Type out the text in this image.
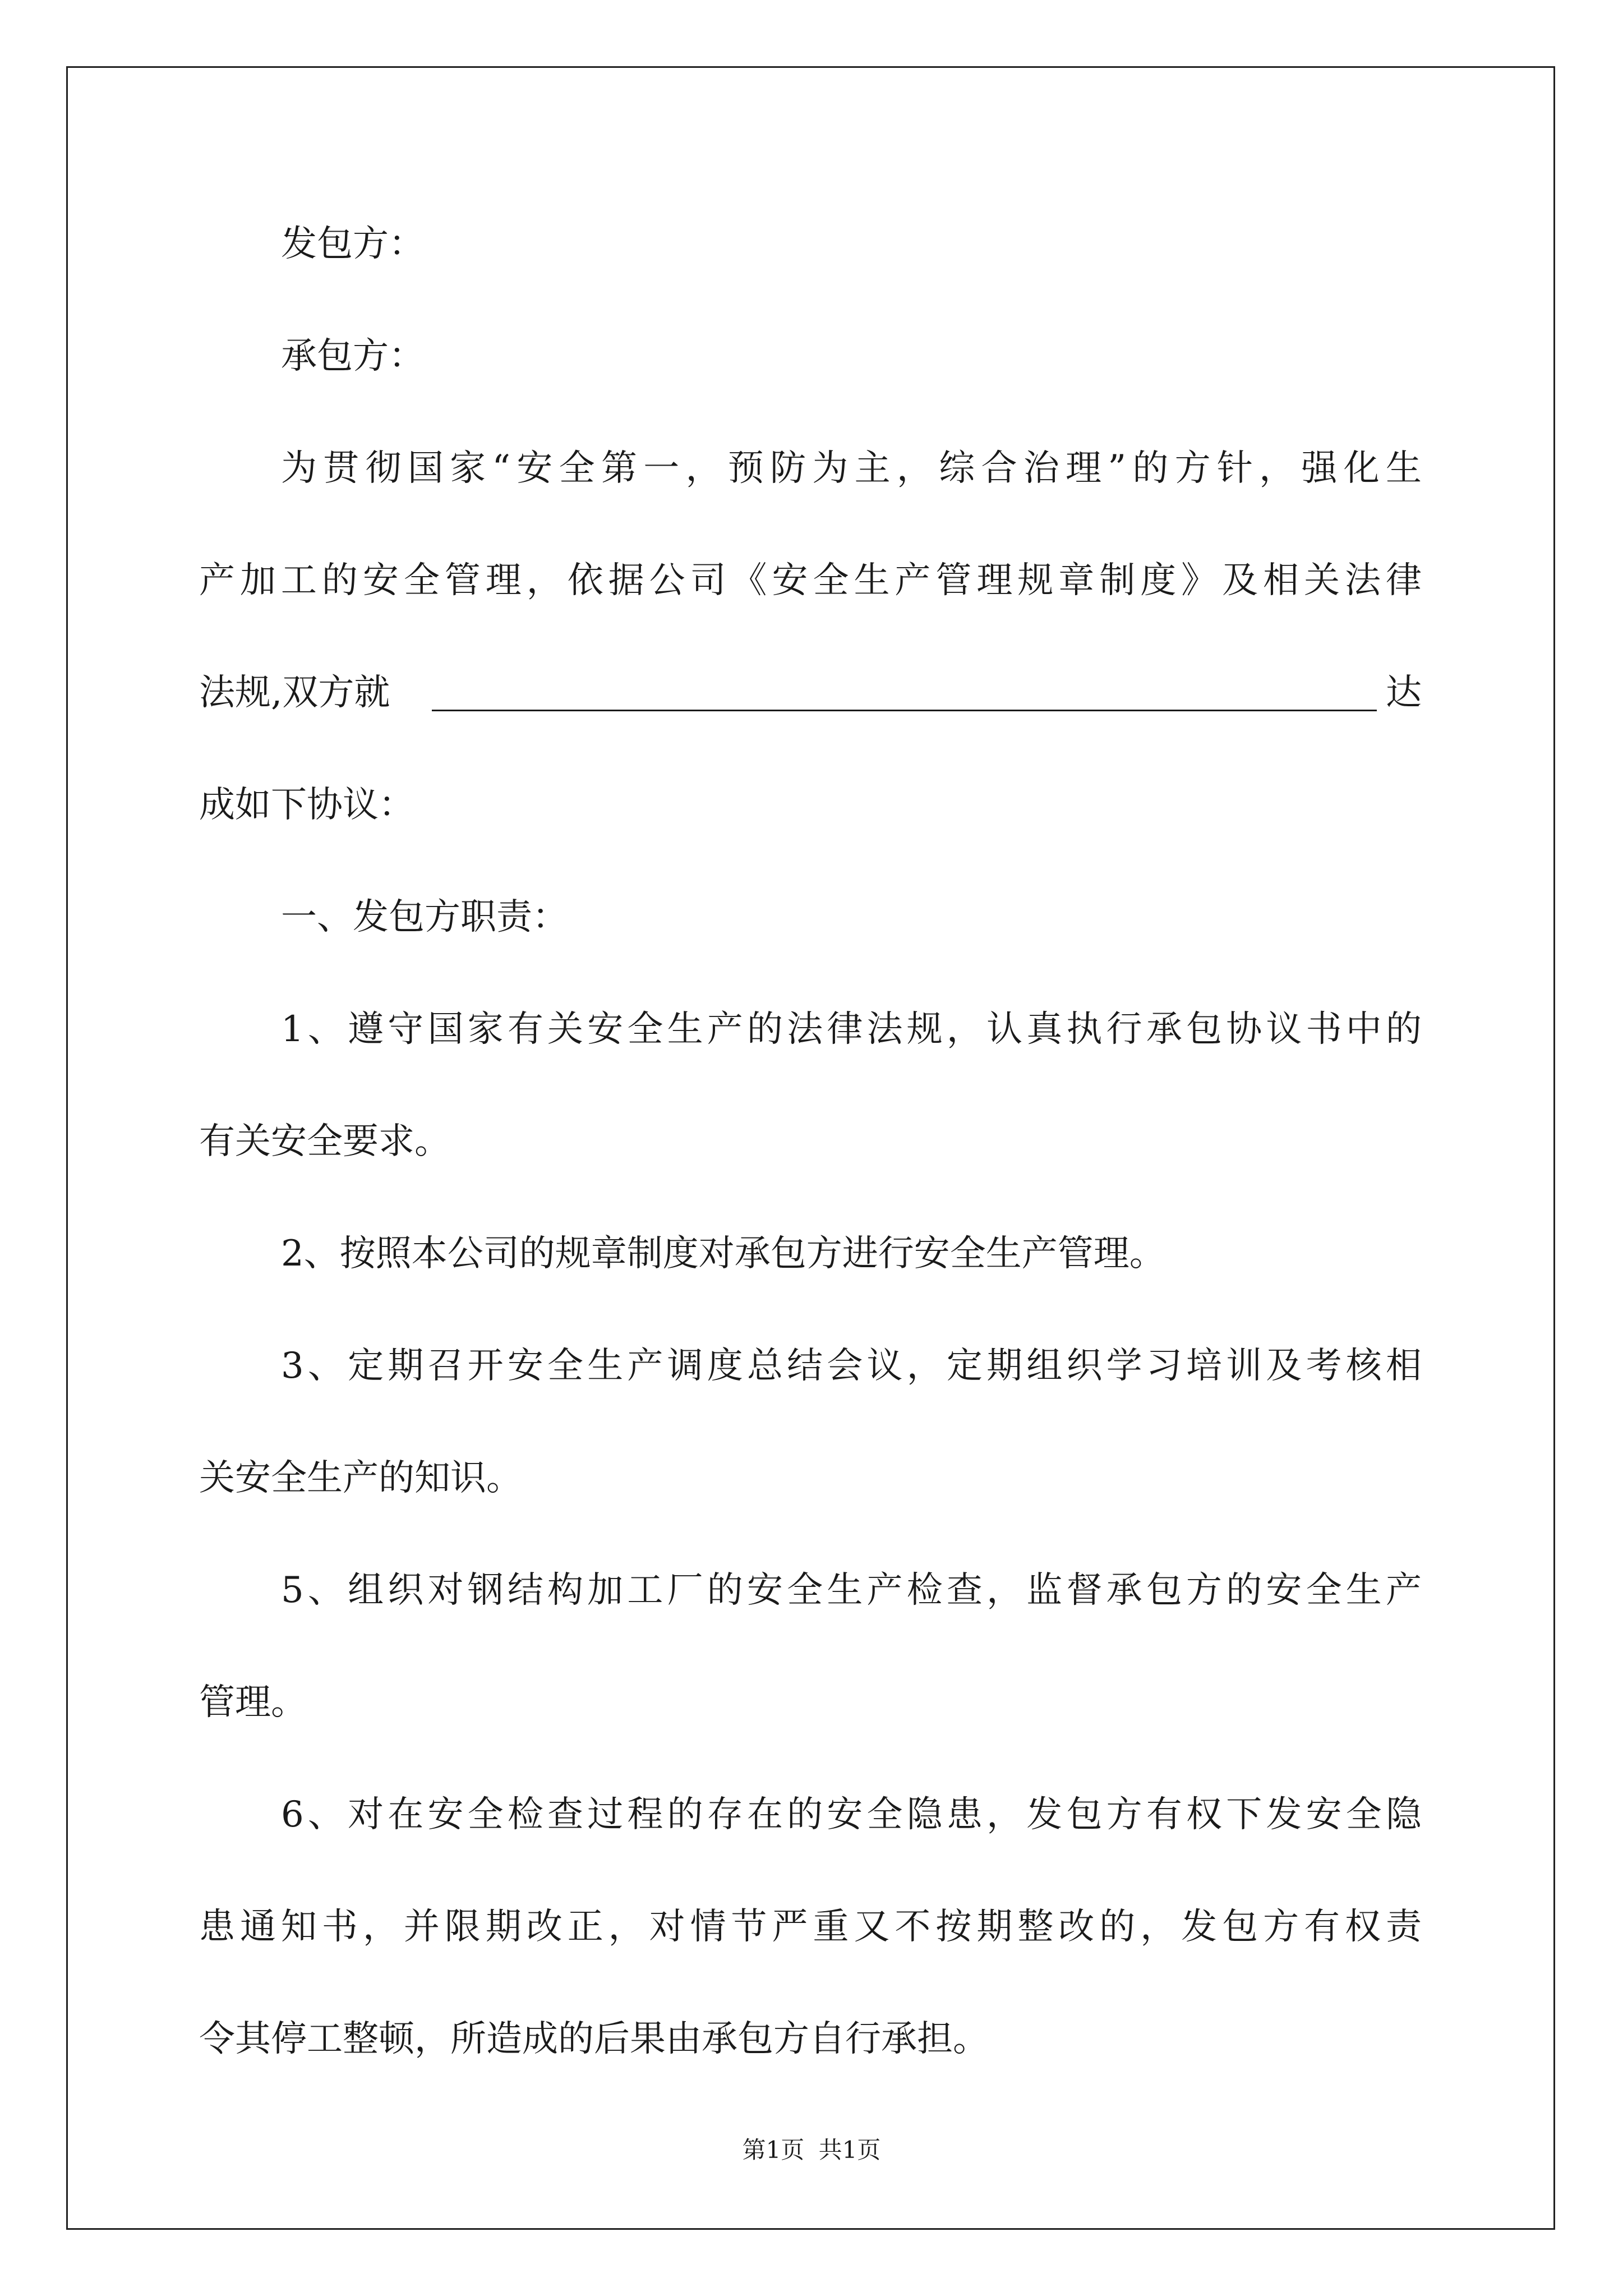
发包方：
承包方：
为贯彻国家“安全第一，预防为主，综合治理”的方针，强化生
产加工的安全管理，依据公司《安全生产管理规章制度》及相关法律
法规,双方就	达
成如下协议：
一、发包方职责：
1、遵守国家有关安全生产的法律法规，认真执行承包协议书中的
有关安全要求。
2、按照本公司的规章制度对承包方进行安全生产管理。
3、定期召开安全生产调度总结会议，定期组织学习培训及考核相
关安全生产的知识。
5、组织对钢结构加工厂的安全生产检查，监督承包方的安全生产
管理。
6、对在安全检查过程的存在的安全隐患，发包方有权下发安全隐
患通知书，并限期改正，对情节严重又不按期整改的，发包方有权责
令其停工整顿，所造成的后果由承包方自行承担。
第1页 共1页
